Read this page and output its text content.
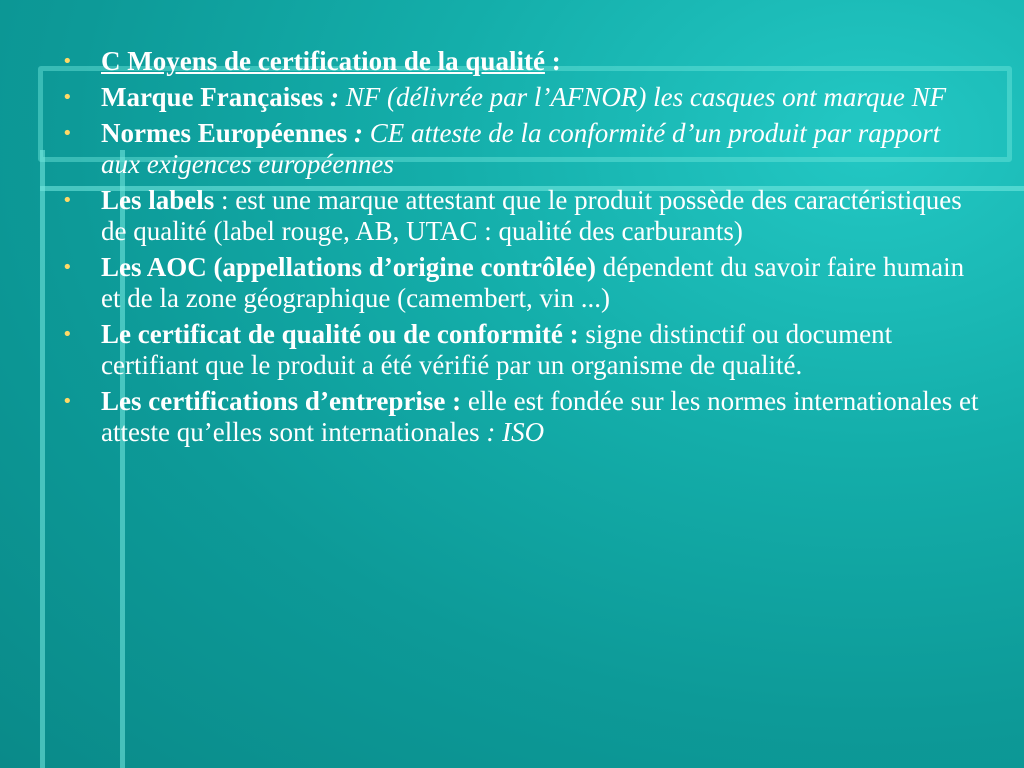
• C Moyens de certification de la qualité :
• Marque Françaises : NF (délivrée par l’AFNOR) les casques ont marque NF
• Normes Européennes : CE atteste de la conformité d’un produit par rapport aux exigences européennes
• Les labels : est une marque attestant que le produit possède des caractéristiques de qualité (label rouge, AB, UTAC : qualité des carburants)
• Les AOC (appellations d’origine contrôlée) dépendent du savoir faire humain et de la zone géographique (camembert, vin ...)
• Le certificat de qualité ou de conformité : signe distinctif ou document certifiant que le produit a été vérifié par un organisme de qualité.
• Les certifications d’entreprise : elle est fondée sur les normes internationales et atteste qu’elles sont internationales : ISO
